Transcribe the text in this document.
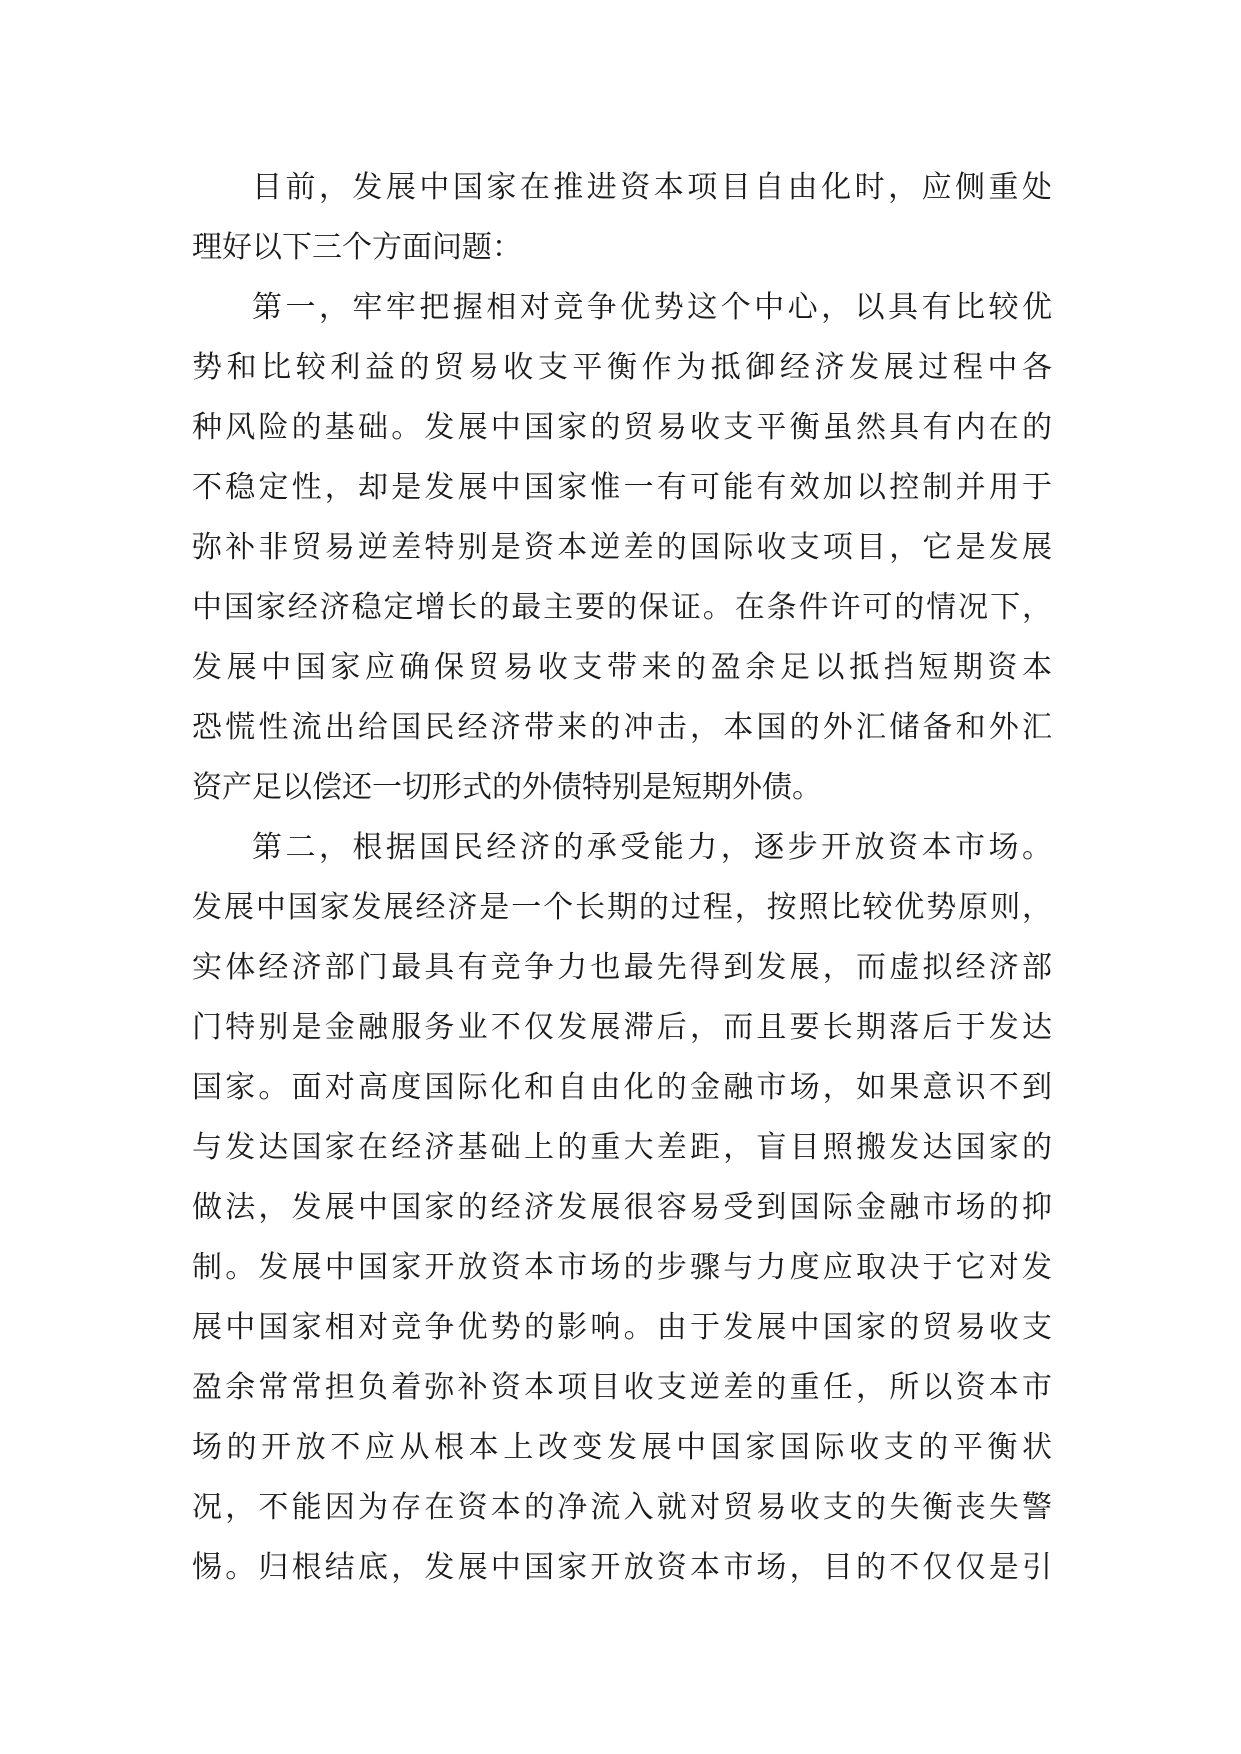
目前，发展中国家在推进资本项目自由化时，应侧重处
理好以下三个方面问题：
第一，牢牢把握相对竞争优势这个中心，以具有比较优
势和比较利益的贸易收支平衡作为抵御经济发展过程中各
种风险的基础。发展中国家的贸易收支平衡虽然具有内在的
不稳定性，却是发展中国家惟一有可能有效加以控制并用于
弥补非贸易逆差特别是资本逆差的国际收支项目，它是发展
中国家经济稳定增长的最主要的保证。在条件许可的情况下，
发展中国家应确保贸易收支带来的盈余足以抵挡短期资本
恐慌性流出给国民经济带来的冲击，本国的外汇储备和外汇
资产足以偿还一切形式的外债特别是短期外债。
第二，根据国民经济的承受能力，逐步开放资本市场。
发展中国家发展经济是一个长期的过程，按照比较优势原则，
实体经济部门最具有竞争力也最先得到发展，而虚拟经济部
门特别是金融服务业不仅发展滞后，而且要长期落后于发达
国家。面对高度国际化和自由化的金融市场，如果意识不到
与发达国家在经济基础上的重大差距，盲目照搬发达国家的
做法，发展中国家的经济发展很容易受到国际金融市场的抑
制。发展中国家开放资本市场的步骤与力度应取决于它对发
展中国家相对竞争优势的影响。由于发展中国家的贸易收支
盈余常常担负着弥补资本项目收支逆差的重任，所以资本市
场的开放不应从根本上改变发展中国家国际收支的平衡状
况，不能因为存在资本的净流入就对贸易收支的失衡丧失警
惕。归根结底，发展中国家开放资本市场，目的不仅仅是引
